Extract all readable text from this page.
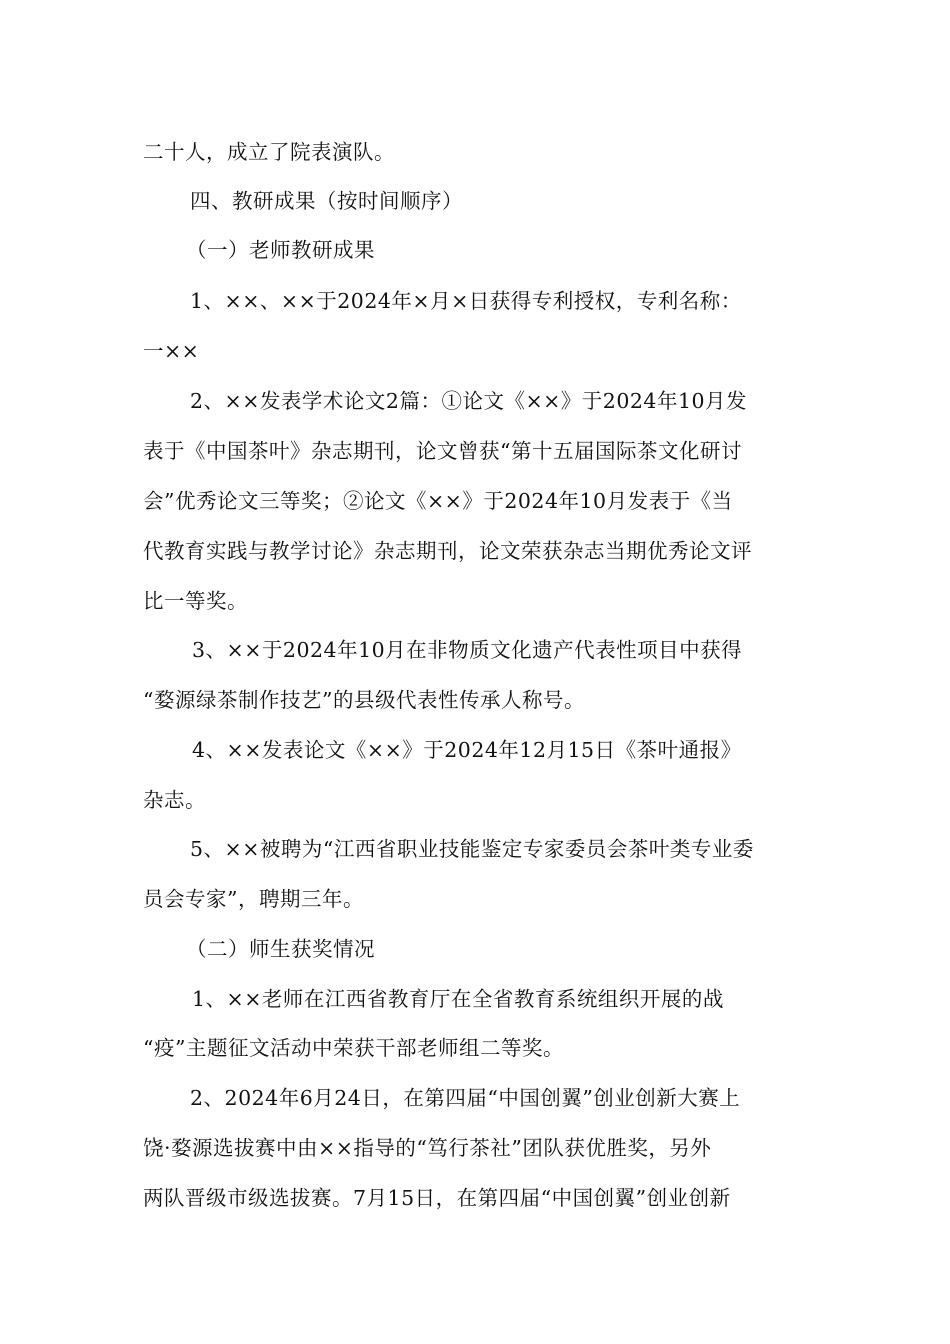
二十人，成立了院表演队。
四、教研成果（按时间顺序）
（一）老师教研成果
1、××、××于2024年×月×日获得专利授权，专利名称：
一××
2、××发表学术论文2篇：①论文《××》于2024年10月发
表于《中国茶叶》杂志期刊，论文曾获“第十五届国际茶文化研讨
会”优秀论文三等奖；②论文《××》于2024年10月发表于《当
代教育实践与教学讨论》杂志期刊，论文荣获杂志当期优秀论文评
比一等奖。
3、××于2024年10月在非物质文化遗产代表性项目中获得
“婺源绿茶制作技艺”的县级代表性传承人称号。
4、××发表论文《××》于2024年12月15日《茶叶通报》
杂志。
5、××被聘为“江西省职业技能鉴定专家委员会茶叶类专业委
员会专家”，聘期三年。
（二）师生获奖情况
1、××老师在江西省教育厅在全省教育系统组织开展的战
“疫”主题征文活动中荣获干部老师组二等奖。
2、2024年6月24日，在第四届“中国创翼”创业创新大赛上
饶·婺源选拔赛中由××指导的“笃行茶社”团队获优胜奖，另外
两队晋级市级选拔赛。7月15日，在第四届“中国创翼”创业创新
